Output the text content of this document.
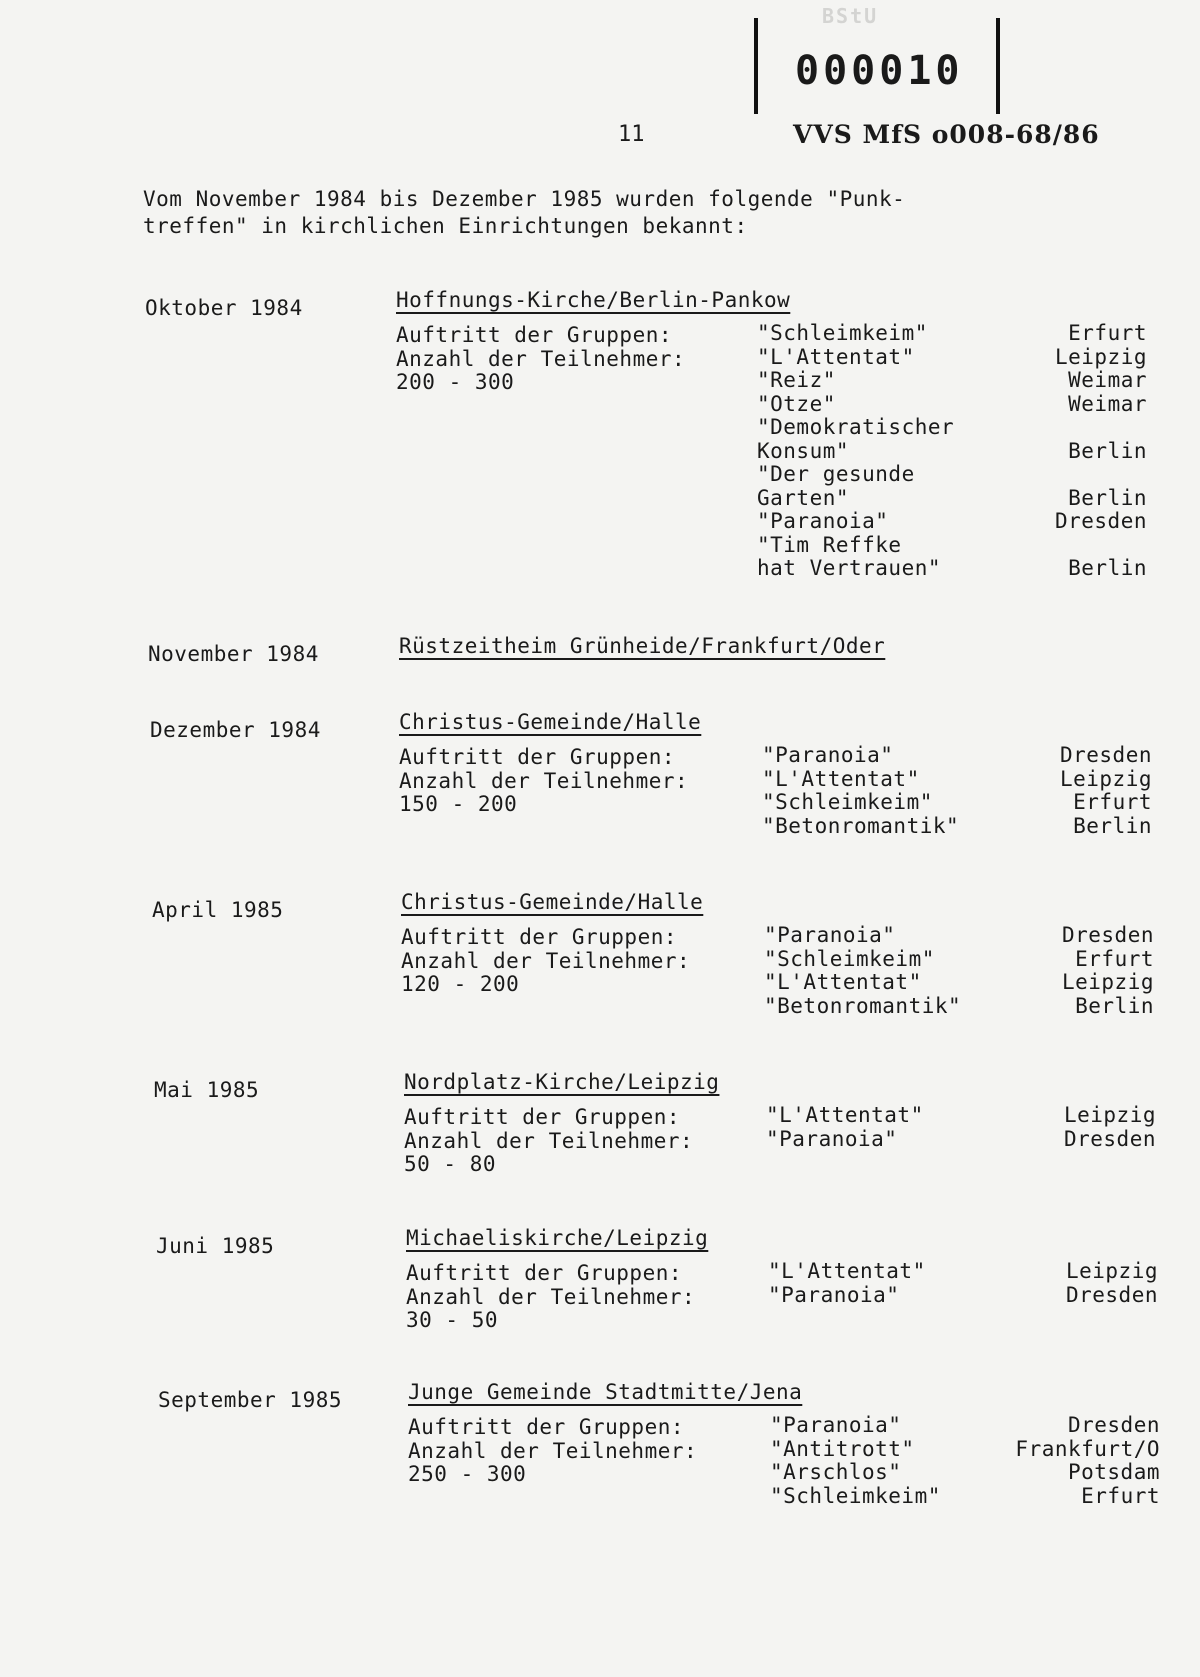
BStU
000010
11	VVS MfS o008-68/86
Vom November 1984 bis Dezember 1985 wurden folgende "Punk-
treffen" in kirchlichen Einrichtungen bekannt:
Oktober 1984	Hoffnungs-Kirche/Berlin-Pankow
Auftritt der Gruppen:
Anzahl der Teilnehmer:
200 - 300
"Schleimkeim"	Erfurt
"L'Attentat"	Leipzig
"Reiz"	Weimar
"Otze"	Weimar
"Demokratischer
Konsum"	Berlin
"Der gesunde
Garten"	Berlin
"Paranoia"	Dresden
"Tim Reffke
hat Vertrauen"	Berlin
November 1984	Rüstzeitheim Grünheide/Frankfurt/Oder
Dezember 1984	Christus-Gemeinde/Halle
Auftritt der Gruppen:
Anzahl der Teilnehmer:
150 - 200
"Paranoia"	Dresden
"L'Attentat"	Leipzig
"Schleimkeim"	Erfurt
"Betonromantik"	Berlin
April 1985	Christus-Gemeinde/Halle
Auftritt der Gruppen:
Anzahl der Teilnehmer:
120 - 200
"Paranoia"	Dresden
"Schleimkeim"	Erfurt
"L'Attentat"	Leipzig
"Betonromantik"	Berlin
Mai 1985	Nordplatz-Kirche/Leipzig
Auftritt der Gruppen:
Anzahl der Teilnehmer:
50 - 80
"L'Attentat"	Leipzig
"Paranoia"	Dresden
Juni 1985	Michaeliskirche/Leipzig
Auftritt der Gruppen:
Anzahl der Teilnehmer:
30 - 50
"L'Attentat"	Leipzig
"Paranoia"	Dresden
September 1985	Junge Gemeinde Stadtmitte/Jena
Auftritt der Gruppen:
Anzahl der Teilnehmer:
250 - 300
"Paranoia"	Dresden
"Antitrott"	Frankfurt/O
"Arschlos"	Potsdam
"Schleimkeim"	Erfurt
